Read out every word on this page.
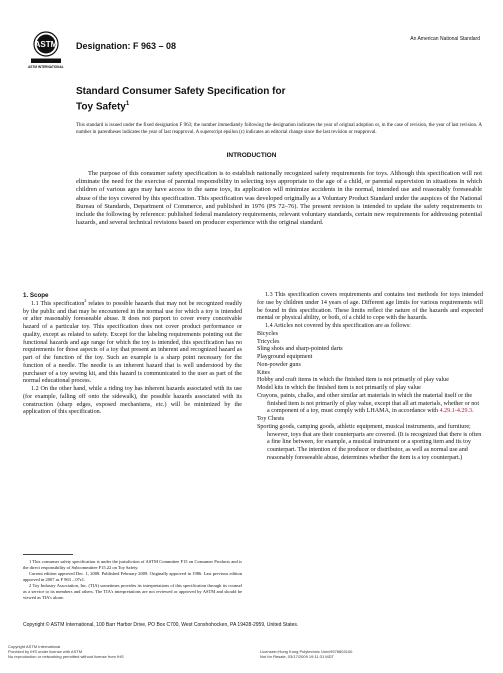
ASTM
ASTM INTERNATIONAL
Designation: F 963 – 08
An American National Standard
Standard Consumer Safety Specification for
Toy Safety$^1$
This standard is issued under the fixed designation F 963; the number immediately following the designation indicates the year of original adoption or, in the case of revision, the year of last revision. A number in parentheses indicates the year of last reapproval. A superscript epsilon (ε) indicates an editorial change since the last revision or reapproval.
INTRODUCTION

The purpose of this consumer safety specification is to establish nationally recognized safety requirements for toys. Although this specification will not eliminate the need for the exercise of parental responsibility in selecting toys appropriate to the age of a child, or parental supervision in situations in which children of various ages may have access to the same toys, its application will minimize accidents in the normal, intended use and reasonably foreseeable abuse of the toys covered by this specification. This specification was developed originally as a Voluntary Product Standard under the auspices of the National Bureau of Standards, Department of Commerce, and published in 1976 (PS 72–76). The present revision is intended to update the safety requirements to include the following by reference: published federal mandatory requirements, relevant voluntary standards, certain new requirements for addressing potential hazards, and several technical revisions based on producer experience with the original standard.

1. Scope

1.1 This specification$^2$ relates to possible hazards that may not be recognized readily by the public and that may be encountered in the normal use for which a toy is intended or after reasonably foreseeable abuse. It does not purport to cover every conceivable hazard of a particular toy. This specification does not cover product performance or quality, except as related to safety. Except for the labeling requirements pointing out the functional hazards and age range for which the toy is intended, this specification has no requirements for those aspects of a toy that present an inherent and recognized hazard as part of the function of the toy. Such an example is a sharp point necessary for the function of a needle. The needle is an inherent hazard that is well understood by the purchaser of a toy sewing kit, and this hazard is communicated to the user as part of the normal educational process.

1.2 On the other hand, while a riding toy has inherent hazards associated with its use (for example, falling off onto the sidewalk), the possible hazards associated with its construction (sharp edges, exposed mechanisms, etc.) will be minimized by the application of this specification.

1 This consumer safety specification is under the jurisdiction of ASTM Committee F15 on Consumer Products and is the direct responsibility of Subcommittee F15.22 on Toy Safety.

Current edition approved Dec. 1, 2008. Published February 2009. Originally approved in 1986. Last previous edition approved in 2007 as F 963 – 07ε1.

2 Toy Industry Association, Inc. (TIA) sometimes provides its interpretations of this specification through its counsel as a service to its members and others. The TIA's interpretations are not reviewed or approved by ASTM and should be viewed as TIA's alone.

1.3 This specification covers requirements and contains test methods for toys intended for use by children under 14 years of age. Different age limits for various requirements will be found in this specification. These limits reflect the nature of the hazards and expected mental or physical ability, or both, of a child to cope with the hazards.

1.4 Articles not covered by this specification are as follows:

Bicycles

Tricycles

Sling shots and sharp-pointed darts

Playground equipment

Non-powder guns

Kites

Hobby and craft items in which the finished item is not primarily of play value

Model kits in which the finished item is not primarily of play value

Crayons, paints, chalks, and other similar art materials in which the material itself or the finished item is not primarily of play value, except that all art materials, whether or not a component of a toy, must comply with LHAMA, in accordance with 4.29.1-4.29.3.

Toy Chests

Sporting goods, camping goods, athletic equipment, musical instruments, and furniture; however, toys that are their counterparts are covered. (It is recognized that there is often a fine line between, for example, a musical instrument or a sporting item and its toy counterpart. The intention of the producer or distributor, as well as normal use and reasonably foreseeable abuse, determines whether the item is a toy counterpart.)

Copyright © ASTM International, 100 Barr Harbor Drive, PO Box C700, West Conshohocken, PA 19428-2959, United States.
Copyright ASTM International
Provided by IHS under license with ASTM
No reproduction or networking permitted without license from IHS
Licensee=Hong Kong Polytechnic Univ/9976803100
Not for Resale, 03/17/2009 19:11:31 MDT
